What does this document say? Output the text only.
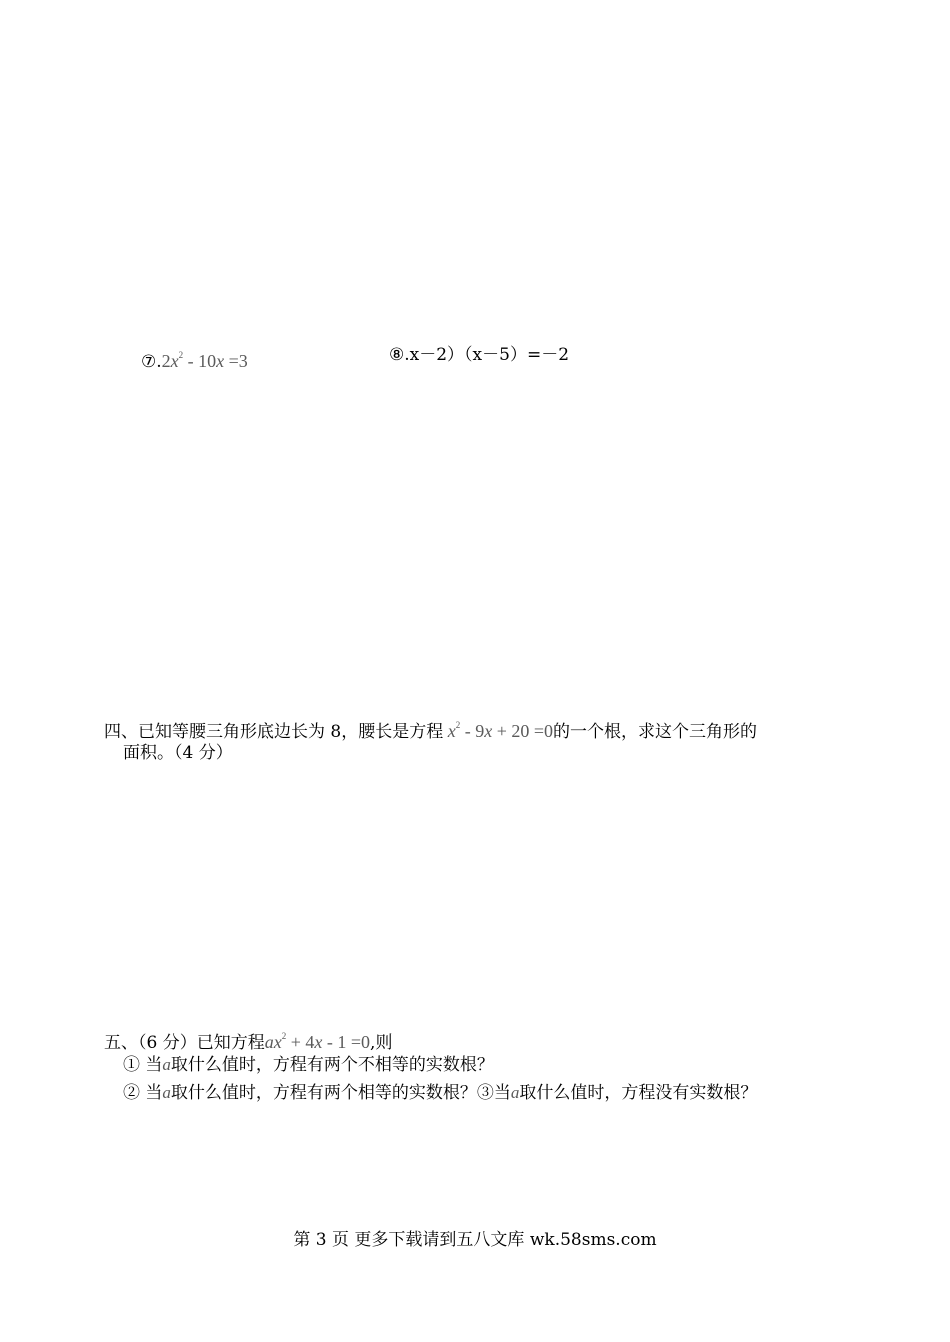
$⑦.2x^2 - 10x =3$	⑧.x－2）（x－5）=－2
四、已知等腰三角形底边长为 8，腰长是方程 $x^2 - 9x + 20 =0$的一个根，求这个三角形的
面积。（4 分）
五、（6 分）已知方程$ax^2 + 4x - 1 =0$,则
① 当a取什么值时，方程有两个不相等的实数根？
② 当a取什么值时，方程有两个相等的实数根？③当a取什么值时，方程没有实数根？
第 3 页 更多下载请到五八文库 wk.58sms.com
